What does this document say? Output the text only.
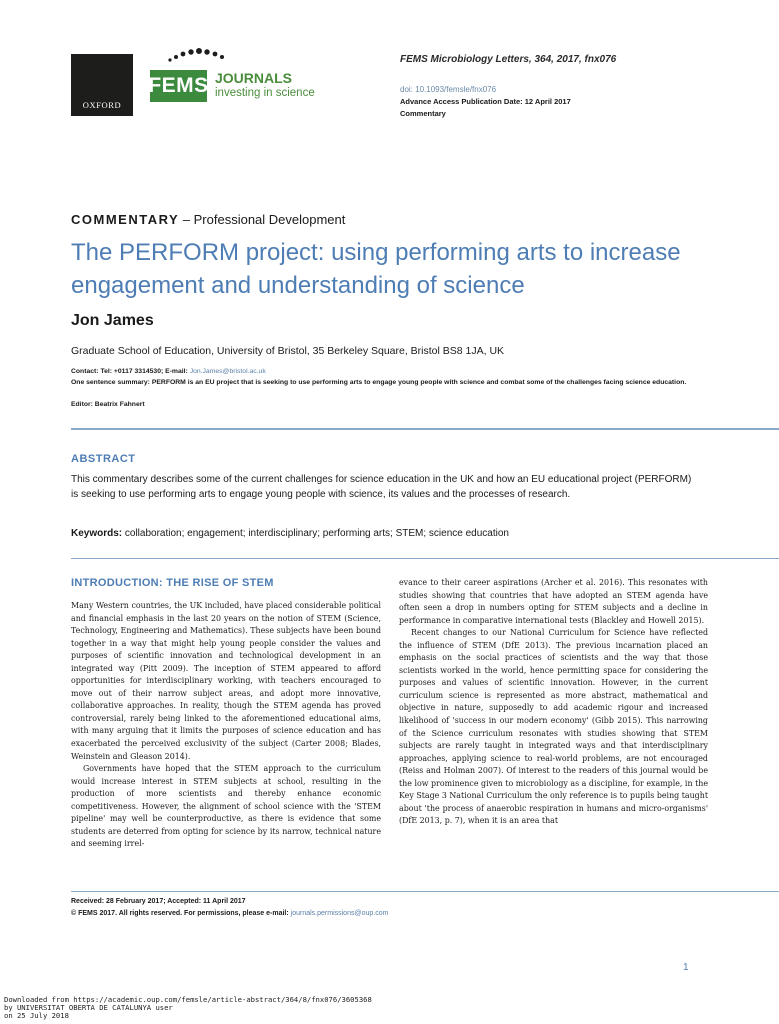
OXFORD
FEMS JOURNALS
investing in science
FEMS Microbiology Letters, 364, 2017, fnx076
doi: 10.1093/femsle/fnx076
Advance Access Publication Date: 12 April 2017
Commentary
COMMENTARY – Professional Development
The PERFORM project: using performing arts to increase engagement and understanding of science
Jon James
Graduate School of Education, University of Bristol, 35 Berkeley Square, Bristol BS8 1JA, UK
Contact: Tel: +0117 3314530; E-mail: Jon.James@bristol.ac.uk
One sentence summary: PERFORM is an EU project that is seeking to use performing arts to engage young people with science and combat some of the challenges facing science education.
Editor: Beatrix Fahnert
ABSTRACT
This commentary describes some of the current challenges for science education in the UK and how an EU educational project (PERFORM) is seeking to use performing arts to engage young people with science, its values and the processes of research.
Keywords: collaboration; engagement; interdisciplinary; performing arts; STEM; science education
INTRODUCTION: THE RISE OF STEM

Many Western countries, the UK included, have placed considerable political and financial emphasis in the last 20 years on the notion of STEM (Science, Technology, Engineering and Mathematics). These subjects have been bound together in a way that might help young people consider the values and purposes of scientific innovation and technological development in an integrated way (Pitt 2009). The inception of STEM appeared to afford opportunities for interdisciplinary working, with teachers encouraged to move out of their narrow subject areas, and adopt more innovative, collaborative approaches. In reality, though the STEM agenda has proved controversial, rarely being linked to the aforementioned educational aims, with many arguing that it limits the purposes of science education and has exacerbated the perceived exclusivity of the subject (Carter 2008; Blades, Weinstein and Gleason 2014).

Governments have hoped that the STEM approach to the curriculum would increase interest in STEM subjects at school, resulting in the production of more scientists and thereby enhance economic competitiveness. However, the alignment of school science with the 'STEM pipeline' may well be counterproductive, as there is evidence that some students are deterred from opting for science by its narrow, technical nature and seeming irrel-

evance to their career aspirations (Archer et al. 2016). This resonates with studies showing that countries that have adopted an STEM agenda have often seen a drop in numbers opting for STEM subjects and a decline in performance in comparative international tests (Blackley and Howell 2015).

Recent changes to our National Curriculum for Science have reflected the influence of STEM (DfE 2013). The previous incarnation placed an emphasis on the social practices of scientists and the way that those scientists worked in the world, hence permitting space for considering the purposes and values of scientific innovation. However, in the current curriculum science is represented as more abstract, mathematical and objective in nature, supposedly to add academic rigour and increased likelihood of 'success in our modern economy' (Gibb 2015). This narrowing of the Science curriculum resonates with studies showing that STEM subjects are rarely taught in integrated ways and that interdisciplinary approaches, applying science to real-world problems, are not encouraged (Reiss and Holman 2007). Of interest to the readers of this journal would be the low prominence given to microbiology as a discipline, for example, in the Key Stage 3 National Curriculum the only reference is to pupils being taught about 'the process of anaerobic respiration in humans and micro-organisms' (DfE 2013, p. 7), when it is an area that

Received: 28 February 2017; Accepted: 11 April 2017
© FEMS 2017. All rights reserved. For permissions, please e-mail: journals.permissions@oup.com
1
Downloaded from https://academic.oup.com/femsle/article-abstract/364/8/fnx076/3605368
by UNIVERSITAT OBERTA DE CATALUNYA user
on 25 July 2018
